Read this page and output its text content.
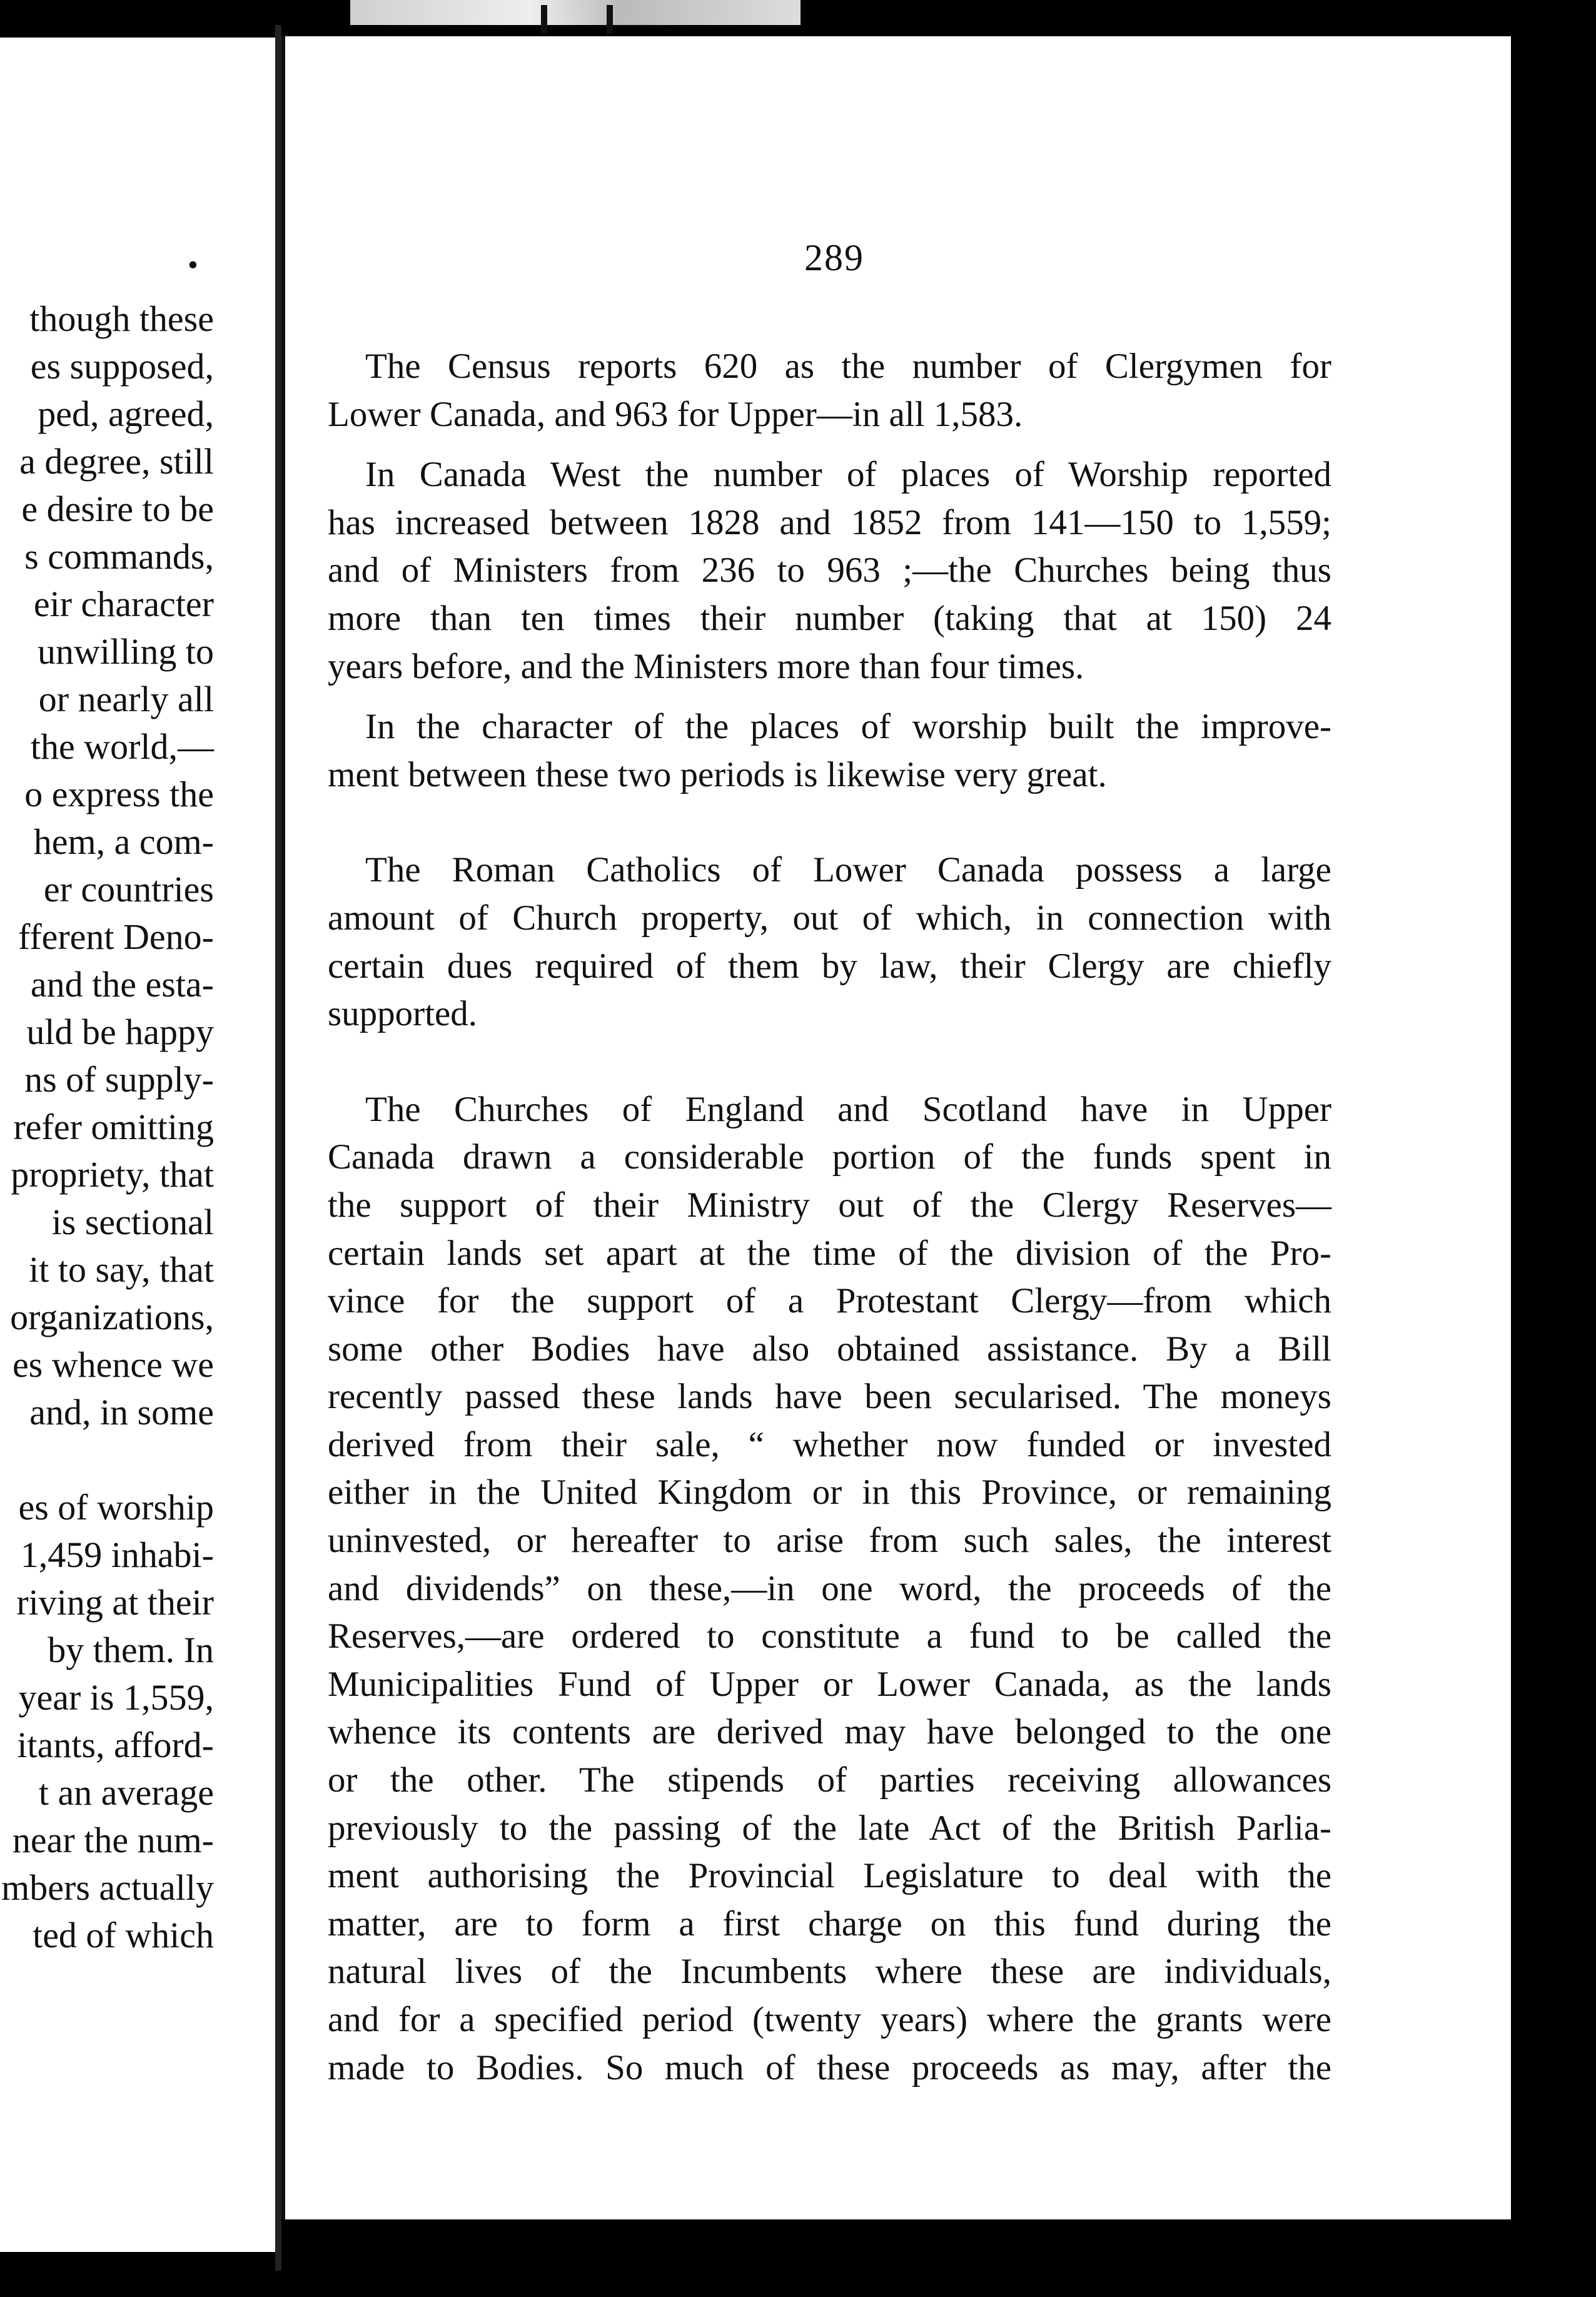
•
though these
es supposed,
ped, agreed,
a degree, still
e desire to be
s commands,
eir character
unwilling to
or nearly all
the world,—
o express the
hem, a com-
er countries
fferent Deno-
and the esta-
uld be happy
ns of supply-
refer omitting
propriety, that
is sectional
it to say, that
organizations,
es whence we
and, in some
es of worship
1,459 inhabi-
riving at their
by them. In
year is 1,559,
itants, afford-
t an average
near the num-
mbers actually
ted of which
289

The Census reports 620 as the number of Clergymen for
Lower Canada, and 963 for Upper—in all 1,583.

In Canada West the number of places of Worship reported
has increased between 1828 and 1852 from 141—150 to 1,559;
and of Ministers from 236 to 963 ;—the Churches being thus
more than ten times their number (taking that at 150) 24
years before, and the Ministers more than four times.

In the character of the places of worship built the improve-
ment between these two periods is likewise very great.

The Roman Catholics of Lower Canada possess a large
amount of Church property, out of which, in connection with
certain dues required of them by law, their Clergy are chiefly
supported.

The Churches of England and Scotland have in Upper
Canada drawn a considerable portion of the funds spent in
the support of their Ministry out of the Clergy Reserves—
certain lands set apart at the time of the division of the Pro-
vince for the support of a Protestant Clergy—from which
some other Bodies have also obtained assistance. By a Bill
recently passed these lands have been secularised. The moneys
derived from their sale, “ whether now funded or invested
either in the United Kingdom or in this Province, or remaining
uninvested, or hereafter to arise from such sales, the interest
and dividends” on these,—in one word, the proceeds of the
Reserves,—are ordered to constitute a fund to be called the
Municipalities Fund of Upper or Lower Canada, as the lands
whence its contents are derived may have belonged to the one
or the other. The stipends of parties receiving allowances
previously to the passing of the late Act of the British Parlia-
ment authorising the Provincial Legislature to deal with the
matter, are to form a first charge on this fund during the
natural lives of the Incumbents where these are individuals,
and for a specified period (twenty years) where the grants were
made to Bodies. So much of these proceeds as may, after the
